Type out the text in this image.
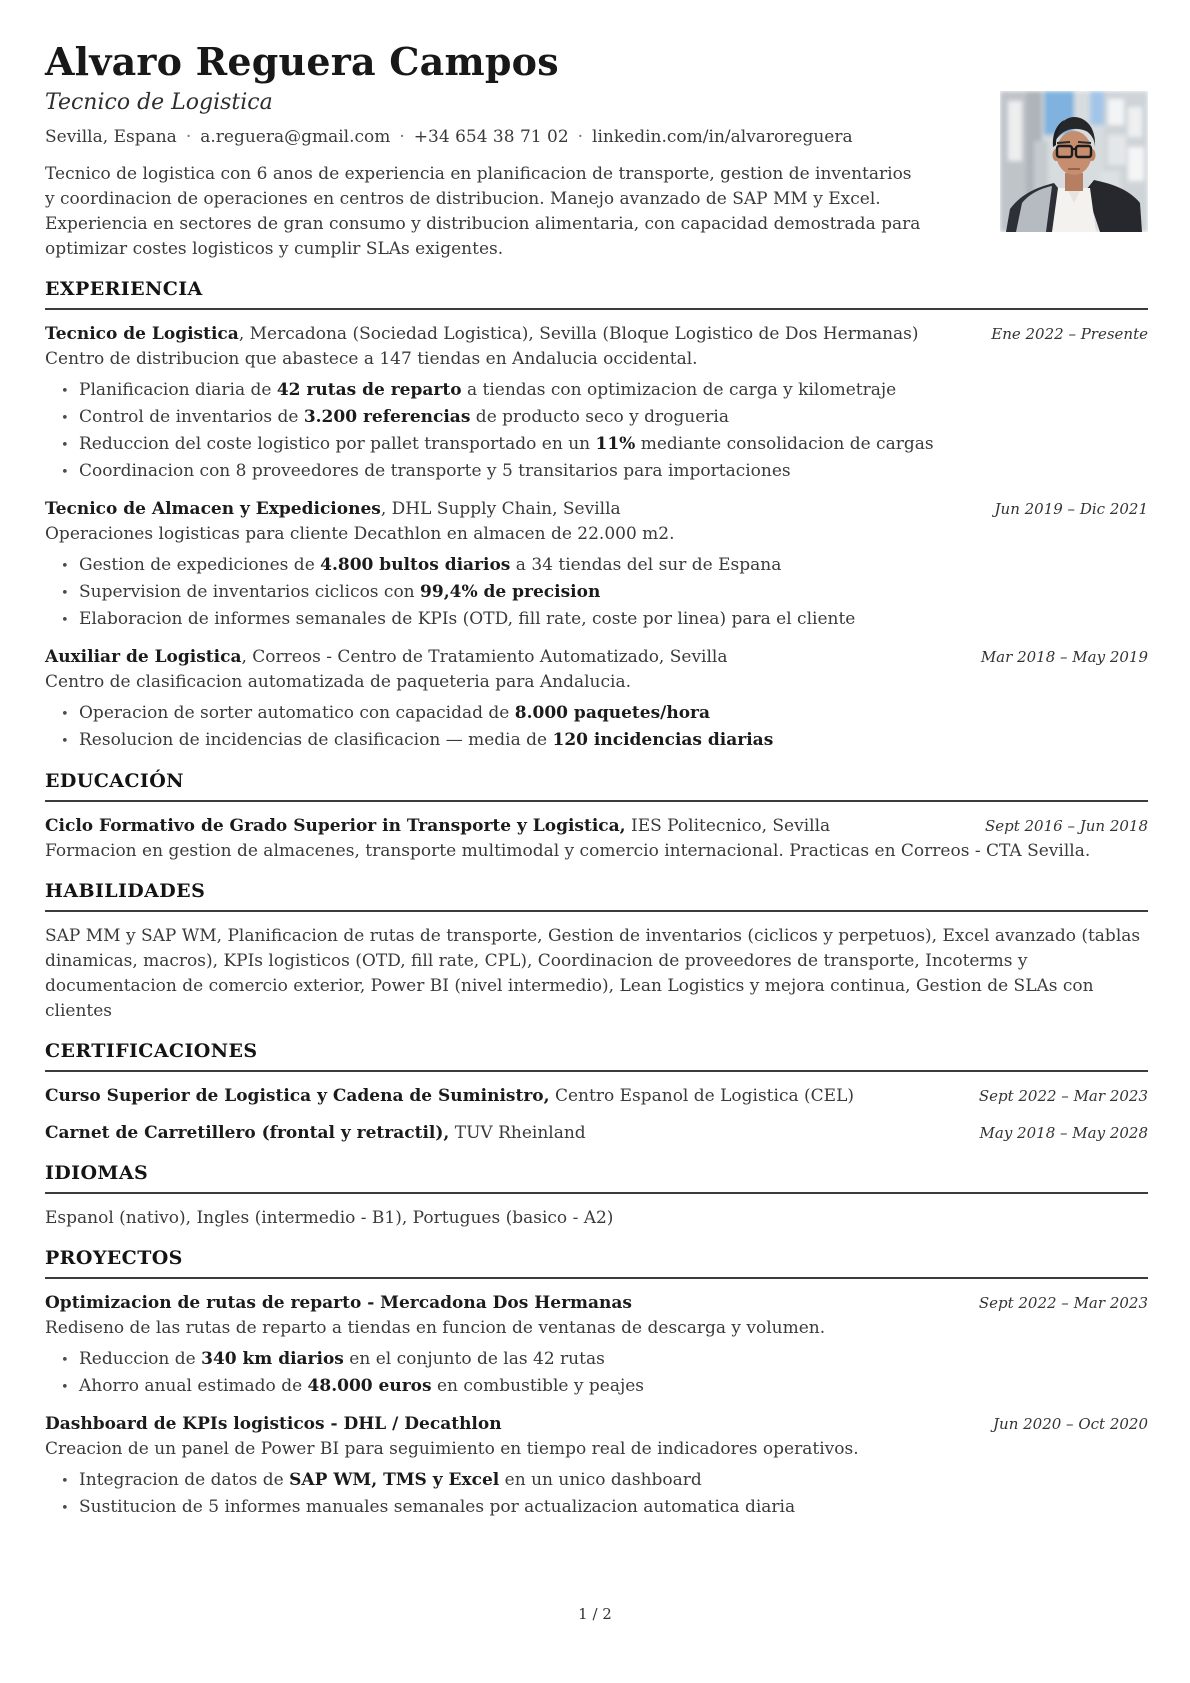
Alvaro Reguera Campos
Tecnico de Logistica
Sevilla, Espana · a.reguera@gmail.com · +34 654 38 71 02 · linkedin.com/in/alvaroreguera

Tecnico de logistica con 6 anos de experiencia en planificacion de transporte, gestion de inventarios y coordinacion de operaciones en centros de distribucion. Manejo avanzado de SAP MM y Excel. Experiencia en sectores de gran consumo y distribucion alimentaria, con capacidad demostrada para optimizar costes logisticos y cumplir SLAs exigentes.

EXPERIENCIA
Tecnico de Logistica, Mercadona (Sociedad Logistica), Sevilla (Bloque Logistico de Dos Hermanas)	Ene 2022 – Presente
Centro de distribucion que abastece a 147 tiendas en Andalucia occidental.
• Planificacion diaria de 42 rutas de reparto a tiendas con optimizacion de carga y kilometraje
• Control de inventarios de 3.200 referencias de producto seco y drogueria
• Reduccion del coste logistico por pallet transportado en un 11% mediante consolidacion de cargas
• Coordinacion con 8 proveedores de transporte y 5 transitarios para importaciones
Tecnico de Almacen y Expediciones, DHL Supply Chain, Sevilla	Jun 2019 – Dic 2021
Operaciones logisticas para cliente Decathlon en almacen de 22.000 m2.
• Gestion de expediciones de 4.800 bultos diarios a 34 tiendas del sur de Espana
• Supervision de inventarios ciclicos con 99,4% de precision
• Elaboracion de informes semanales de KPIs (OTD, fill rate, coste por linea) para el cliente
Auxiliar de Logistica, Correos - Centro de Tratamiento Automatizado, Sevilla	Mar 2018 – May 2019
Centro de clasificacion automatizada de paqueteria para Andalucia.
• Operacion de sorter automatico con capacidad de 8.000 paquetes/hora
• Resolucion de incidencias de clasificacion — media de 120 incidencias diarias
EDUCACIÓN
Ciclo Formativo de Grado Superior in Transporte y Logistica, IES Politecnico, Sevilla	Sept 2016 – Jun 2018
Formacion en gestion de almacenes, transporte multimodal y comercio internacional. Practicas en Correos - CTA Sevilla.
HABILIDADES

SAP MM y SAP WM, Planificacion de rutas de transporte, Gestion de inventarios (ciclicos y perpetuos), Excel avanzado (tablas dinamicas, macros), KPIs logisticos (OTD, fill rate, CPL), Coordinacion de proveedores de transporte, Incoterms y documentacion de comercio exterior, Power BI (nivel intermedio), Lean Logistics y mejora continua, Gestion de SLAs con clientes

CERTIFICACIONES
Curso Superior de Logistica y Cadena de Suministro, Centro Espanol de Logistica (CEL)	Sept 2022 – Mar 2023
Carnet de Carretillero (frontal y retractil), TUV Rheinland	May 2018 – May 2028
IDIOMAS

Espanol (nativo), Ingles (intermedio - B1), Portugues (basico - A2)

PROYECTOS
Optimizacion de rutas de reparto - Mercadona Dos Hermanas	Sept 2022 – Mar 2023
Rediseno de las rutas de reparto a tiendas en funcion de ventanas de descarga y volumen.
• Reduccion de 340 km diarios en el conjunto de las 42 rutas
• Ahorro anual estimado de 48.000 euros en combustible y peajes
Dashboard de KPIs logisticos - DHL / Decathlon	Jun 2020 – Oct 2020
Creacion de un panel de Power BI para seguimiento en tiempo real de indicadores operativos.
• Integracion de datos de SAP WM, TMS y Excel en un unico dashboard
• Sustitucion de 5 informes manuales semanales por actualizacion automatica diaria
1 / 2
